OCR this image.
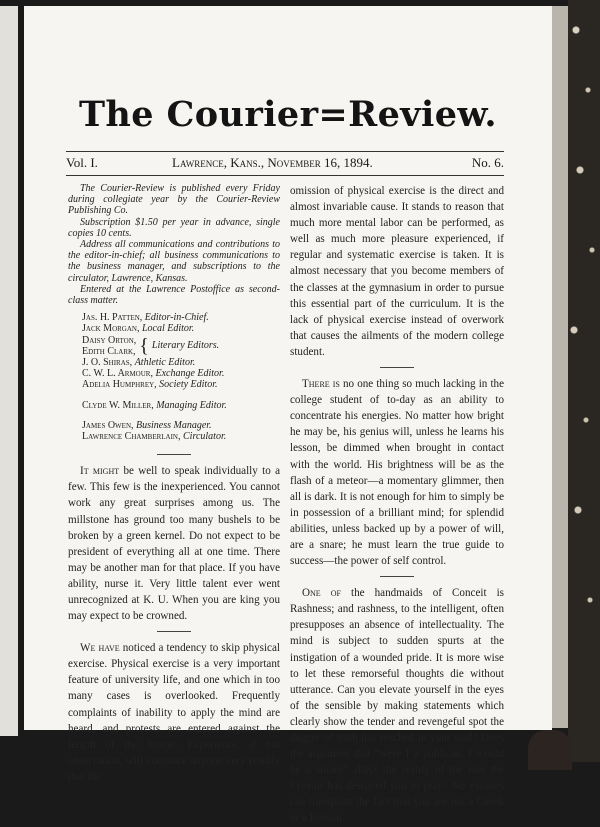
The Courier=Review.
Vol. I.	Lawrence, Kans., November 16, 1894.	No. 6.

The Courier-Review is published every Friday during collegiate year by the Courier-Review Publishing Co.

Subscription $1.50 per year in advance, single copies 10 cents.

Address all communications and contributions to the editor-in-chief; all business communications to the business manager, and subscriptions to the circulator, Lawrence, Kansas.

Entered at the Lawrence Postoffice as second-class matter.

Jas. H. Patten, Editor-in-Chief.
Jack Morgan, Local Editor.
Daisy Orton,
Edith Clark, { Literary Editors.
J. O. Shiras, Athletic Editor.
C. W. L. Armour, Exchange Editor.
Adelia Humphrey, Society Editor.
Clyde W. Miller, Managing Editor.
James Owen, Business Manager.
Lawrence Chamberlain, Circulator.

It might be well to speak individually to a few. This few is the inexperienced. You cannot work any great surprises among us. The millstone has ground too many bushels to be broken by a green kernel. Do not expect to be president of everything all at one time. There may be another man for that place. If you have ability, nurse it. Very little talent ever went unrecognized at K. U. When you are king you may expect to be crowned.

We have noticed a tendency to skip physical exercise. Physical exercise is a very important feature of university life, and one which in too many cases is overlooked. Frequently complaints of inability to apply the mind are heard, and protests are entered against the length of the lesson. Experience, if not observation, will convince anyone very readily that the

omission of physical exercise is the direct and almost invariable cause. It stands to reason that much more mental labor can be performed, as well as much more pleasure experienced, if regular and systematic exercise is taken. It is almost necessary that you become members of the classes at the gymnasium in order to pursue this essential part of the curriculum. It is the lack of physical exercise instead of overwork that causes the ailments of the modern college student.

There is no one thing so much lacking in the college student of to-day as an ability to concentrate his energies. No matter how bright he may be, his genius will, unless he learns his lesson, be dimmed when brought in contact with the world. His brightness will be as the flash of a meteor—a momentary glimmer, then all is dark. It is not enough for him to simply be in possession of a brilliant mind; for splendid abilities, unless backed up by a power of will, are a snare; he must learn the true guide to success—the power of self control.

One of the handmaids of Conceit is Rashness; and rashness, to the intelligent, often presupposes an absence of intellectuality. The mind is subject to sudden spurts at the instigation of a wounded pride. It is more wise to let these remorseful thoughts die without utterance. Can you elevate yourself in the eyes of the sensible by making statements which clearly show the tender and revengeful spot the dagger of truth has reached in your soul? Does the argument that “were I a publican, I would be a sinner” affect the reality of the role the Creator has designed you to play? No excuses can transplant the fact that you are not a Greek or a Roman.
